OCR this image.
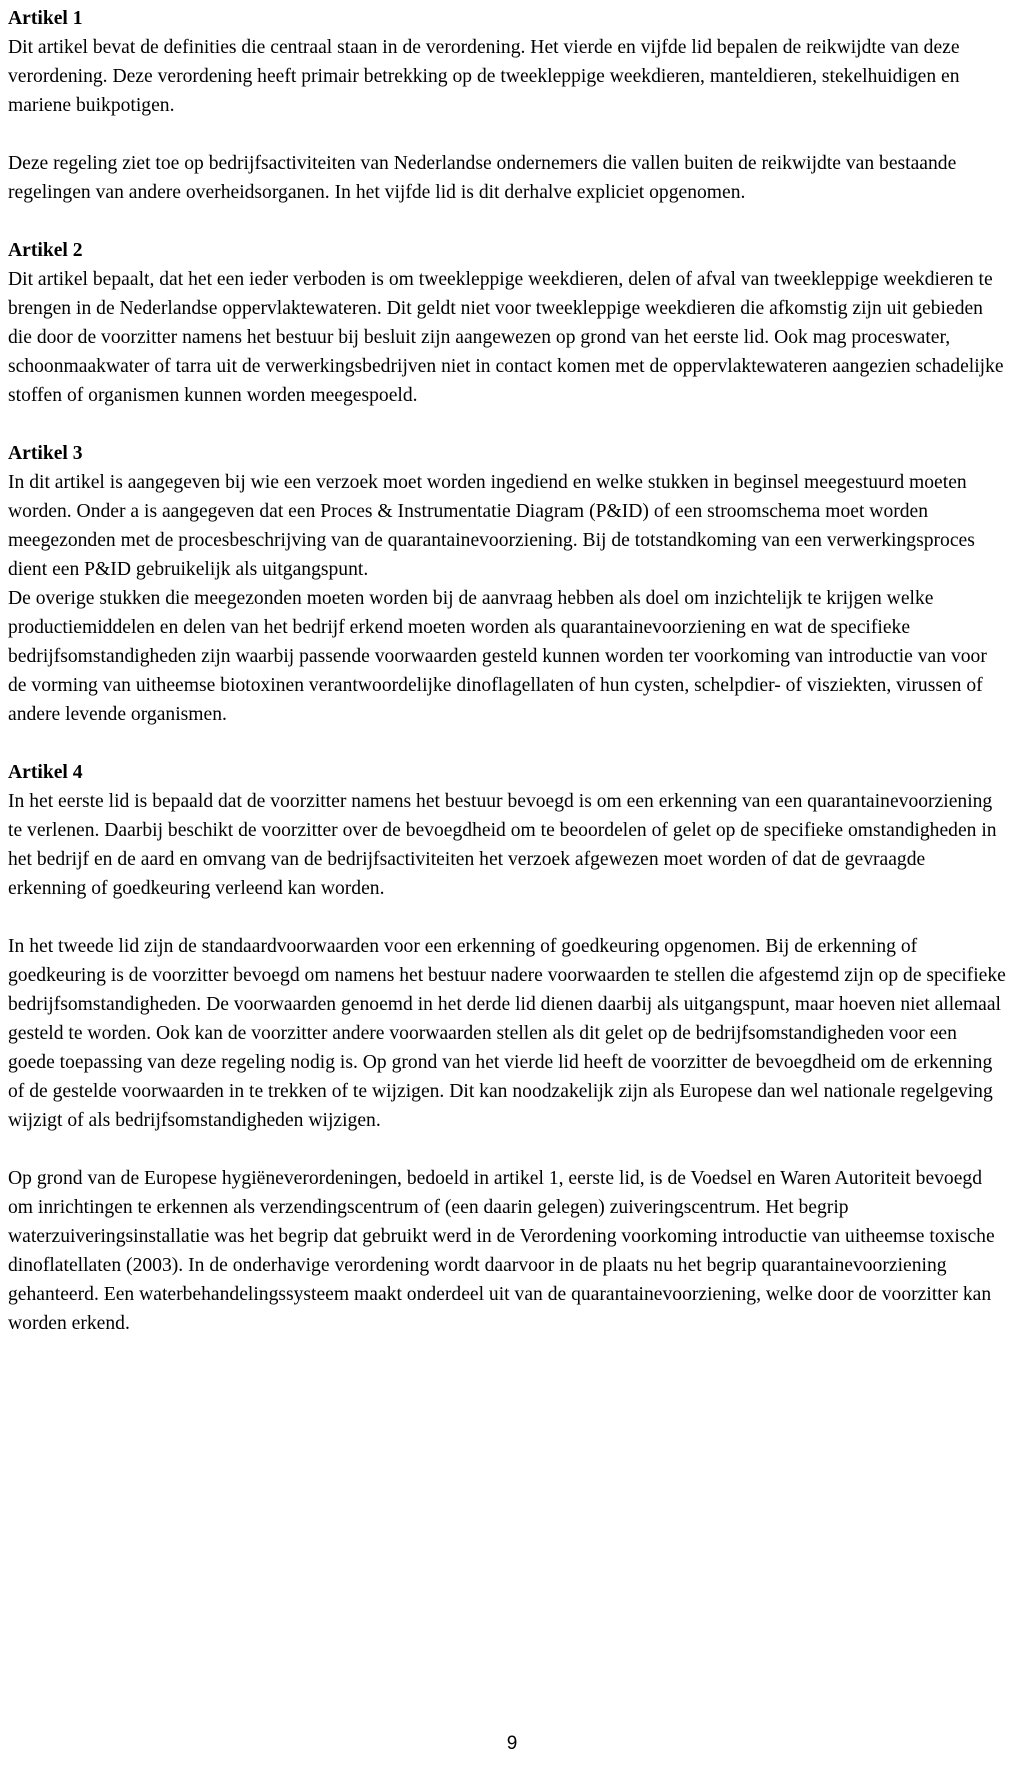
Artikel 1

Dit artikel bevat de definities die centraal staan in de verordening. Het vierde en vijfde lid bepalen de reikwijdte van deze verordening. Deze verordening heeft primair betrekking op de tweekleppige weekdieren, manteldieren, stekelhuidigen en mariene buikpotigen.

Deze regeling ziet toe op bedrijfsactiviteiten van Nederlandse ondernemers die vallen buiten de reikwijdte van bestaande regelingen van andere overheidsorganen. In het vijfde lid is dit derhalve expliciet opgenomen.

Artikel 2

Dit artikel bepaalt, dat het een ieder verboden is om tweekleppige weekdieren, delen of afval van tweekleppige weekdieren te brengen in de Nederlandse oppervlaktewateren. Dit geldt niet voor tweekleppige weekdieren die afkomstig zijn uit gebieden die door de voorzitter namens het bestuur bij besluit zijn aangewezen op grond van het eerste lid. Ook mag proceswater, schoonmaakwater of tarra uit de verwerkingsbedrijven niet in contact komen met de oppervlaktewateren aangezien schadelijke stoffen of organismen kunnen worden meegespoeld.

Artikel 3

In dit artikel is aangegeven bij wie een verzoek moet worden ingediend en welke stukken in beginsel meegestuurd moeten worden. Onder a is aangegeven dat een Proces & Instrumentatie Diagram (P&ID) of een stroomschema moet worden meegezonden met de procesbeschrijving van de quarantainevoorziening. Bij de totstandkoming van een verwerkingsproces dient een P&ID gebruikelijk als uitgangspunt.

De overige stukken die meegezonden moeten worden bij de aanvraag hebben als doel om inzichtelijk te krijgen welke productiemiddelen en delen van het bedrijf erkend moeten worden als quarantainevoorziening en wat de specifieke bedrijfsomstandigheden zijn waarbij passende voorwaarden gesteld kunnen worden ter voorkoming van introductie van voor de vorming van uitheemse biotoxinen verantwoordelijke dinoflagellaten of hun cysten, schelpdier- of visziekten, virussen of andere levende organismen.

Artikel 4

In het eerste lid is bepaald dat de voorzitter namens het bestuur bevoegd is om een erkenning van een quarantainevoorziening te verlenen. Daarbij beschikt de voorzitter over de bevoegdheid om te beoordelen of gelet op de specifieke omstandigheden in het bedrijf en de aard en omvang van de bedrijfsactiviteiten het verzoek afgewezen moet worden of dat de gevraagde erkenning of goedkeuring verleend kan worden.

In het tweede lid zijn de standaardvoorwaarden voor een erkenning of goedkeuring opgenomen. Bij de erkenning of goedkeuring is de voorzitter bevoegd om namens het bestuur nadere voorwaarden te stellen die afgestemd zijn op de specifieke bedrijfsomstandigheden. De voorwaarden genoemd in het derde lid dienen daarbij als uitgangspunt, maar hoeven niet allemaal gesteld te worden. Ook kan de voorzitter andere voorwaarden stellen als dit gelet op de bedrijfsomstandigheden voor een goede toepassing van deze regeling nodig is. Op grond van het vierde lid heeft de voorzitter de bevoegdheid om de erkenning of de gestelde voorwaarden in te trekken of te wijzigen. Dit kan noodzakelijk zijn als Europese dan wel nationale regelgeving wijzigt of als bedrijfsomstandigheden wijzigen.

Op grond van de Europese hygiëneverordeningen, bedoeld in artikel 1, eerste lid, is de Voedsel en Waren Autoriteit bevoegd om inrichtingen te erkennen als verzendingscentrum of (een daarin gelegen) zuiveringscentrum. Het begrip waterzuiveringsinstallatie was het begrip dat gebruikt werd in de Verordening voorkoming introductie van uitheemse toxische dinoflatellaten (2003). In de onderhavige verordening wordt daarvoor in de plaats nu het begrip quarantainevoorziening gehanteerd. Een waterbehandelingssysteem maakt onderdeel uit van de quarantainevoorziening, welke door de voorzitter kan worden erkend.

9
